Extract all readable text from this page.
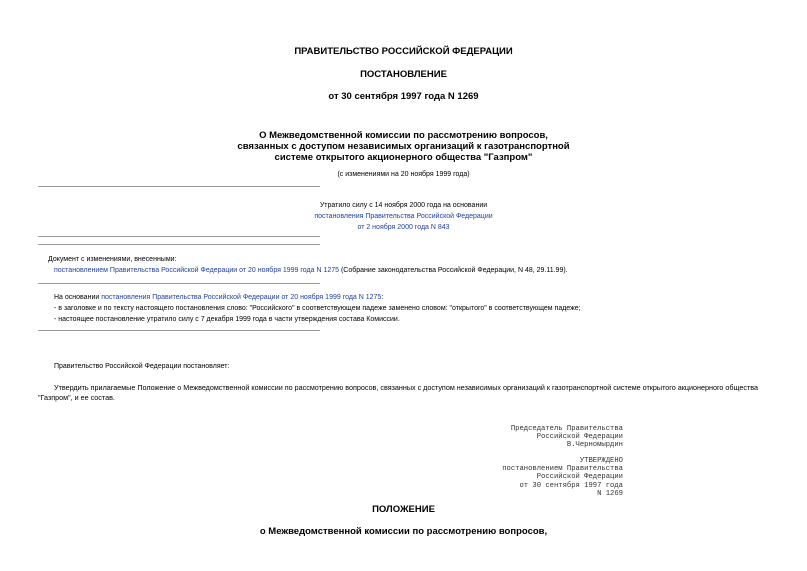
ПРАВИТЕЛЬСТВО РОССИЙСКОЙ ФЕДЕРАЦИИ
ПОСТАНОВЛЕНИЕ
от 30 сентября 1997 года N 1269
О Межведомственной комиссии по рассмотрению вопросов,
связанных с доступом независимых организаций к газотранспортной
системе открытого акционерного общества "Газпром"
(с изменениями на 20 ноября 1999 года)
Утратило силу с 14 ноября 2000 года на основании
постановления Правительства Российской Федерации
от 2 ноября 2000 года N 843
Документ с изменениями, внесенными:
постановлением Правительства Российской Федерации от 20 ноября 1999 года N 1275 (Собрание законодательства Российской Федерации, N 48, 29.11.99).
На основании постановления Правительства Российской Федерации от 20 ноября 1999 года N 1275:
- в заголовке и по тексту настоящего постановления слово: "Российского" в соответствующем падеже заменено словом: "открытого" в соответствующем падеже;
- настоящее постановление утратило силу с 7 декабря 1999 года в части утверждения состава Комиссии.
Правительство Российской Федерации постановляет:
Утвердить прилагаемые Положение о Межведомственной комиссии по рассмотрению вопросов, связанных с доступом независимых организаций к газотранспортной системе открытого акционерного общества "Газпром", и ее состав.
Председатель Правительства
Российской Федерации
В.Черномырдин
УТВЕРЖДЕНО
постановлением Правительства
Российской Федерации
от 30 сентября 1997 года
N 1269
ПОЛОЖЕНИЕ
о Межведомственной комиссии по рассмотрению вопросов,
